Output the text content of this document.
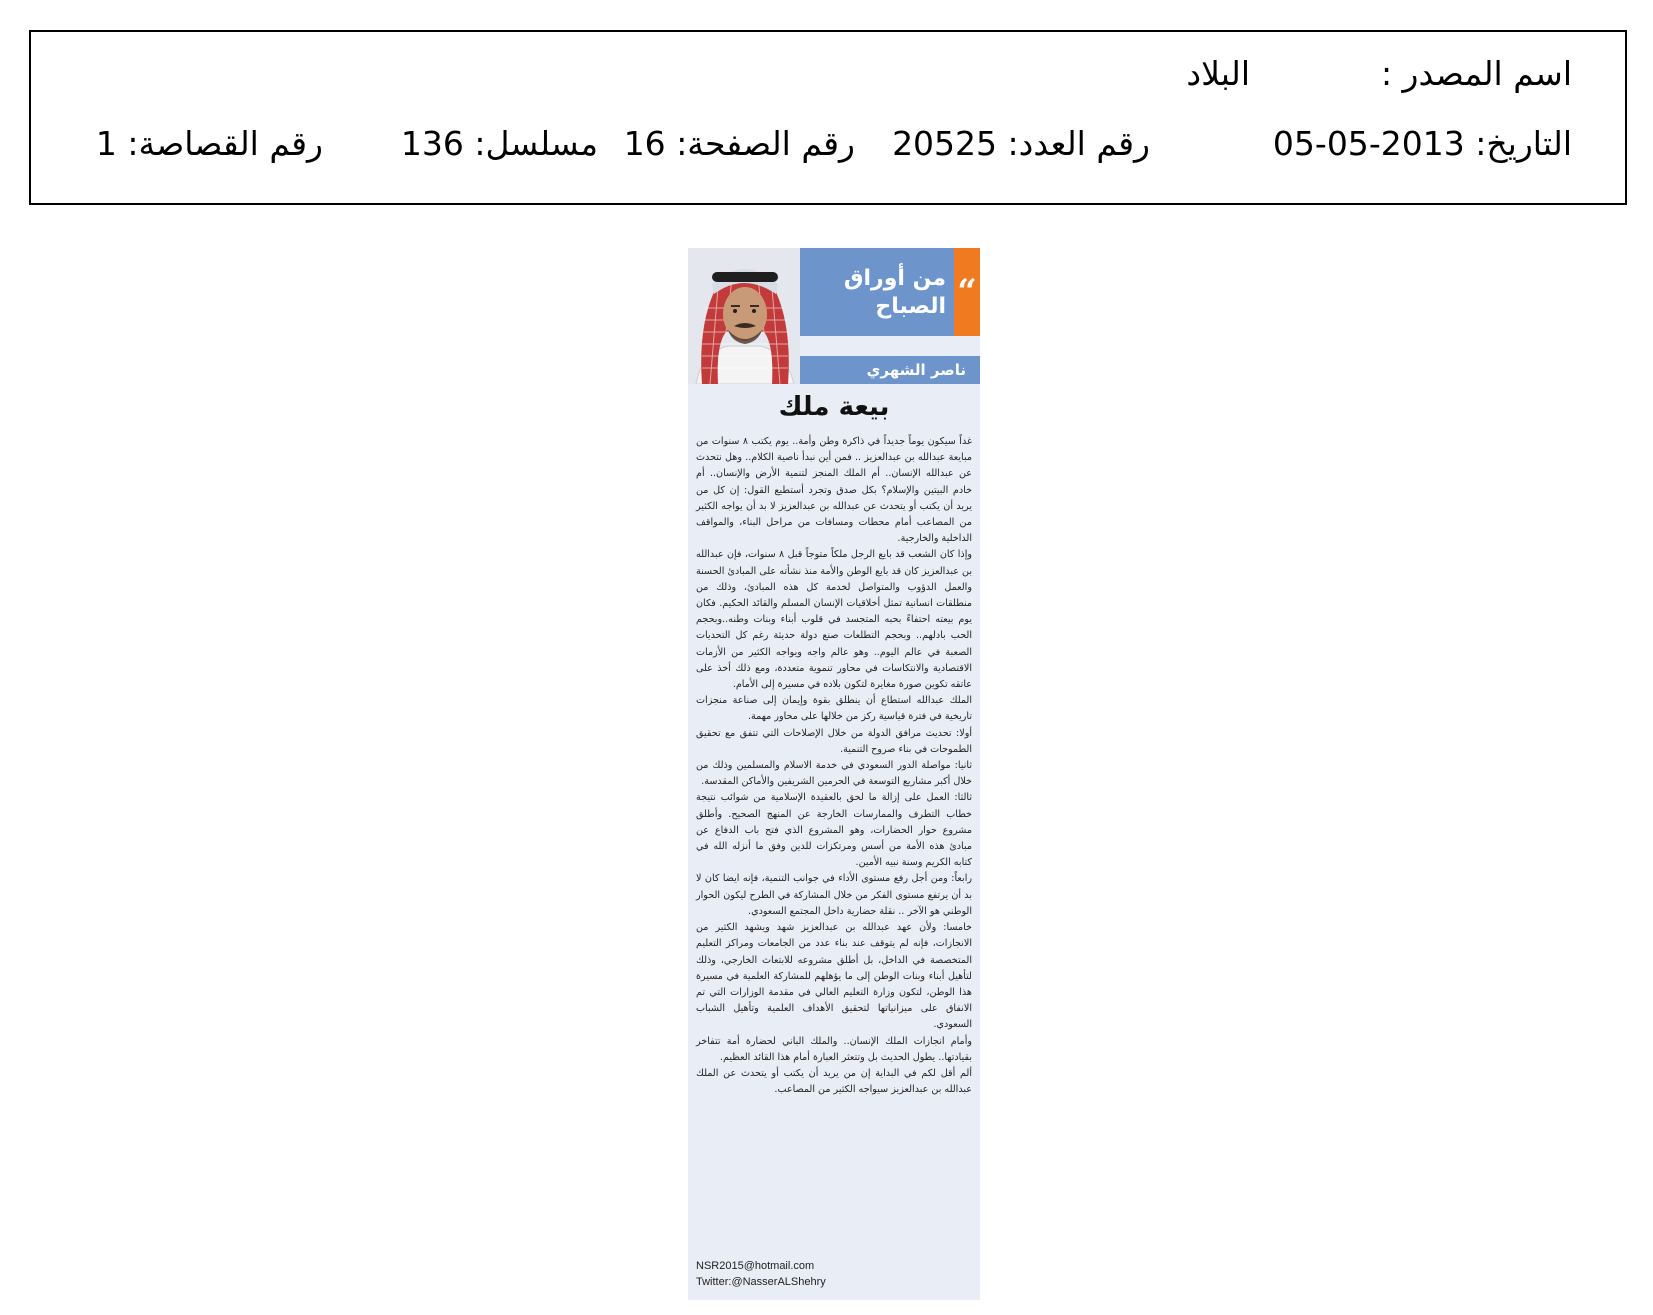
اسم المصدر :
البلاد
التاريخ: 2013-05-05
رقم العدد: 20525
رقم الصفحة: 16
مسلسل: 136
رقم القصاصة: 1
“
من أوراق
الصباح
ناصر الشهري
بيعة ملك

غداً سيكون يوماً جديداً في ذاكرة وطن وأمة.. يوم يكتب ٨ سنوات من مبايعة عبدالله بن عبدالعزيز .. فمن أين نبدأ ناصية الكلام.. وهل نتحدث عن عبدالله الإنسان.. أم الملك المنجز لتنمية الأرض والإنسان.. أم خادم البيتين والإسلام؟ بكل صدق وتجرد أستطيع القول: إن كل من يريد أن يكتب أو يتحدث عن عبدالله بن عبدالعزيز لا بد أن يواجه الكثير من المصاعب أمام محطات ومسافات من مراحل البناء، والمواقف الداخلية والخارجية.

وإذا كان الشعب قد بايع الرجل ملكاً متوجاً قبل ٨ سنوات، فإن عبدالله بن عبدالعزيز كان قد بايع الوطن والأمة منذ نشأته على المبادئ الحسنة والعمل الدؤوب والمتواصل لخدمة كل هذه المبادئ، وذلك من منطلقات انسانية تمثل أخلاقيات الإنسان المسلم والقائد الحكيم. فكان يوم بيعته احتفاءً بحبه المتجسد في قلوب أبناء وبنات وطنه..وبحجم الحب بادلهم.. وبحجم التطلعات صنع دولة حديثة رغم كل التحديات الصعبة في عالم اليوم.. وهو عالم واجه ويواجه الكثير من الأزمات الاقتصادية والانتكاسات في محاور تنموية متعددة، ومع ذلك أخذ على عاتقه تكوين صورة مغايرة لتكون بلاده في مسيرة إلى الأمام.

الملك عبدالله استطاع أن ينطلق بقوة وإيمان إلى صناعة منجزات تاريخية في فترة قياسية ركز من خلالها على محاور مهمة.

أولا: تحديث مرافق الدولة من خلال الإصلاحات التي تتفق مع تحقيق الطموحات في بناء صروح التنمية.

ثانيا: مواصلة الدور السعودي في خدمة الاسلام والمسلمين وذلك من خلال أكبر مشاريع التوسعة في الحرمين الشريفين والأماكن المقدسة.

ثالثا: العمل على إزالة ما لحق بالعقيدة الإسلامية من شوائب نتيجة خطاب التطرف والممارسات الخارجة عن المنهج الصحيح. وأطلق مشروع حوار الحضارات، وهو المشروع الذي فتح باب الدفاع عن مبادئ هذه الأمة من أسس ومرتكزات للدين وفق ما أنزله الله في كتابه الكريم وسنة نبيه الأمين.

رابعاً: ومن أجل رفع مستوى الأداء في جوانب التنمية، فإنه ايضا كان لا بد أن يرتفع مستوى الفكر من خلال المشاركة في الطرح ليكون الحوار الوطني هو الآخر .. نقلة حضارية داخل المجتمع السعودي.

خامسا: ولأن عهد عبدالله بن عبدالعزيز شهد ويشهد الكثير من الانجازات، فإنه لم يتوقف عند بناء عدد من الجامعات ومراكز التعليم المتخصصة في الداخل، بل أطلق مشروعه للابتعاث الخارجي، وذلك لتأهيل أبناء وبنات الوطن إلى ما يؤهلهم للمشاركة العلمية في مسيرة هذا الوطن، لتكون وزارة التعليم العالي في مقدمة الوزارات التي تم الانفاق على ميزانياتها لتحقيق الأهداف العلمية وتأهيل الشباب السعودي.

وأمام انجازات الملك الإنسان.. والملك الباني لحضارة أمة تتفاخر بقيادتها.. يطول الحديث بل وتتعثر العبارة أمام هذا القائد العظيم.

ألم أقل لكم في البداية إن من يريد أن يكتب أو يتحدث عن الملك عبدالله بن عبدالعزيز سيواجه الكثير من المصاعب.

NSR2015@hotmail.com
Twitter:@NasserALShehry
